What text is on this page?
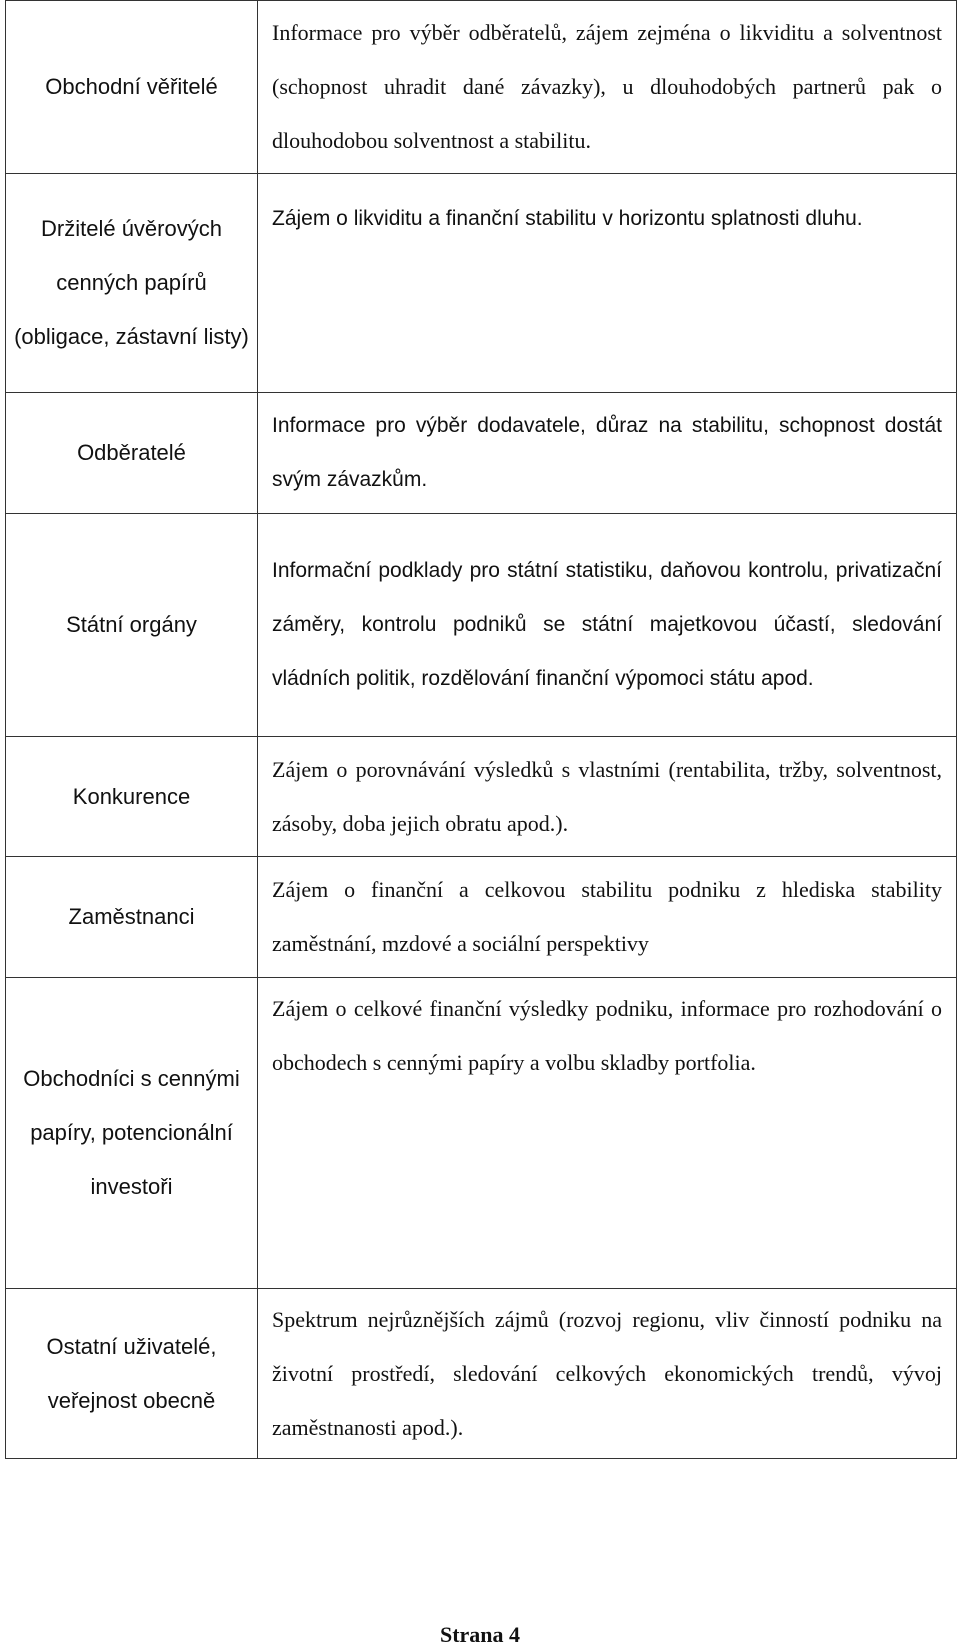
Obchodní věřitelé	Informace pro výběr odběratelů, zájem zejména o likviditu a solventnost (schopnost uhradit dané závazky), u dlouhodobých partnerů pak o dlouhodobou solventnost a stabilitu.
Držitelé úvěrových cenných papírů (obligace, zástavní listy)	Zájem o likviditu a finanční stabilitu v horizontu splatnosti dluhu.
Odběratelé	Informace pro výběr dodavatele, důraz na stabilitu, schopnost dostát svým závazkům.
Státní orgány	Informační podklady pro státní statistiku, daňovou kontrolu, privatizační záměry, kontrolu podniků se státní majetkovou účastí, sledování vládních politik, rozdělování finanční výpomoci státu apod.
Konkurence	Zájem o porovnávání výsledků s vlastními (rentabilita, tržby, solventnost, zásoby, doba jejich obratu apod.).
Zaměstnanci	Zájem o finanční a celkovou stabilitu podniku z hlediska stability zaměstnání, mzdové a sociální perspektivy
Obchodníci s cennými papíry, potencionální investoři	Zájem o celkové finanční výsledky podniku, informace pro rozhodování o obchodech s cennými papíry a volbu skladby portfolia.
Ostatní uživatelé, veřejnost obecně	Spektrum nejrůznějších zájmů (rozvoj regionu, vliv činností podniku na životní prostředí, sledování celkových ekonomických trendů, vývoj zaměstnanosti apod.).
Strana 4
